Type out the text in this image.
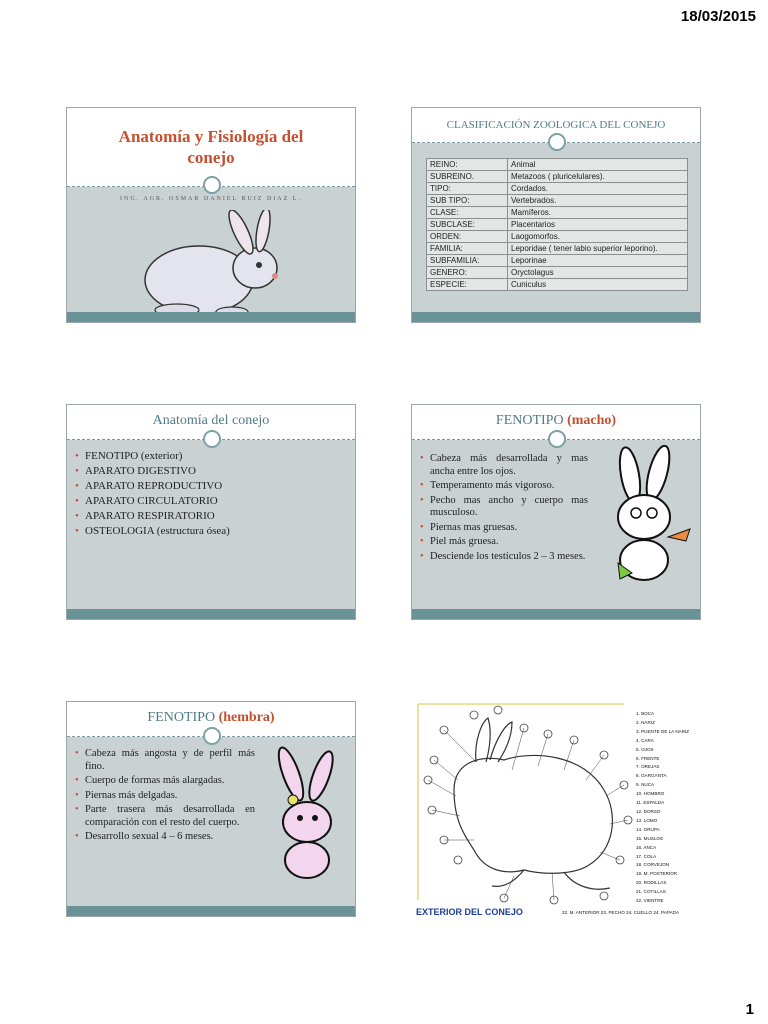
18/03/2015
Anatomía y Fisiología del conejo
ING. AGR. OSMAR DANIEL RUIZ DIAZ L.
CLASIFICACIÓN ZOOLOGICA DEL CONEJO
REINO:	Animal
SUBREINO.	Metazoos ( pluricelulares).
TIPO:	Cordados.
SUB TIPO:	Vertebrados.
CLASE:	Mamíferos.
SUBCLASE:	Placentarios
ORDEN:	Laogomorfos.
FAMILIA:	Leporidae ( tener labio superior leporino).
SUBFAMILIA:	Leporinae
GENERO:	Oryctolagus
ESPECIE:	Cuniculus
Anatomía del conejo
• FENOTIPO (exterior)
• APARATO DIGESTIVO
• APARATO REPRODUCTIVO
• APARATO CIRCULATORIO
• APARATO RESPIRATORIO
• OSTEOLOGIA (estructura ósea)
FENOTIPO (macho)
• Cabeza más desarrollada y mas ancha entre los ojos.
• Temperamento más vigoroso.
• Pecho mas ancho y cuerpo mas musculoso.
• Piernas mas gruesas.
• Piel más gruesa.
• Desciende los testículos 2 – 3 meses.
FENOTIPO (hembra)
• Cabeza más angosta y de perfil más fino.
• Cuerpo de formas más alargadas.
• Piernas más delgadas.
• Parte trasera más desarrollada en comparación con el resto del cuerpo.
• Desarrollo sexual 4 – 6 meses.
1. BOCA
2. NARIZ
3. PUENTE DE LA NARIZ
4. CARA
5. OJOS
6. FRENTE
7. OREJAS
8. GARGANTA
9. NUCA
10. HOMBRO
11. ESPALDA
12. DORSO
13. LOMO
14. GRUPA
15. MUSLOS
16. ANCA
17. COLA
18. CORVEJON
19. M. POSTERIOR
20. RODILLAS
21. COTILLAS
22. VIENTRE
EXTERIOR DEL CONEJO	22. M. ANTERIOR 23. PECHO 24. CUELLO 24. PAPADA
1
